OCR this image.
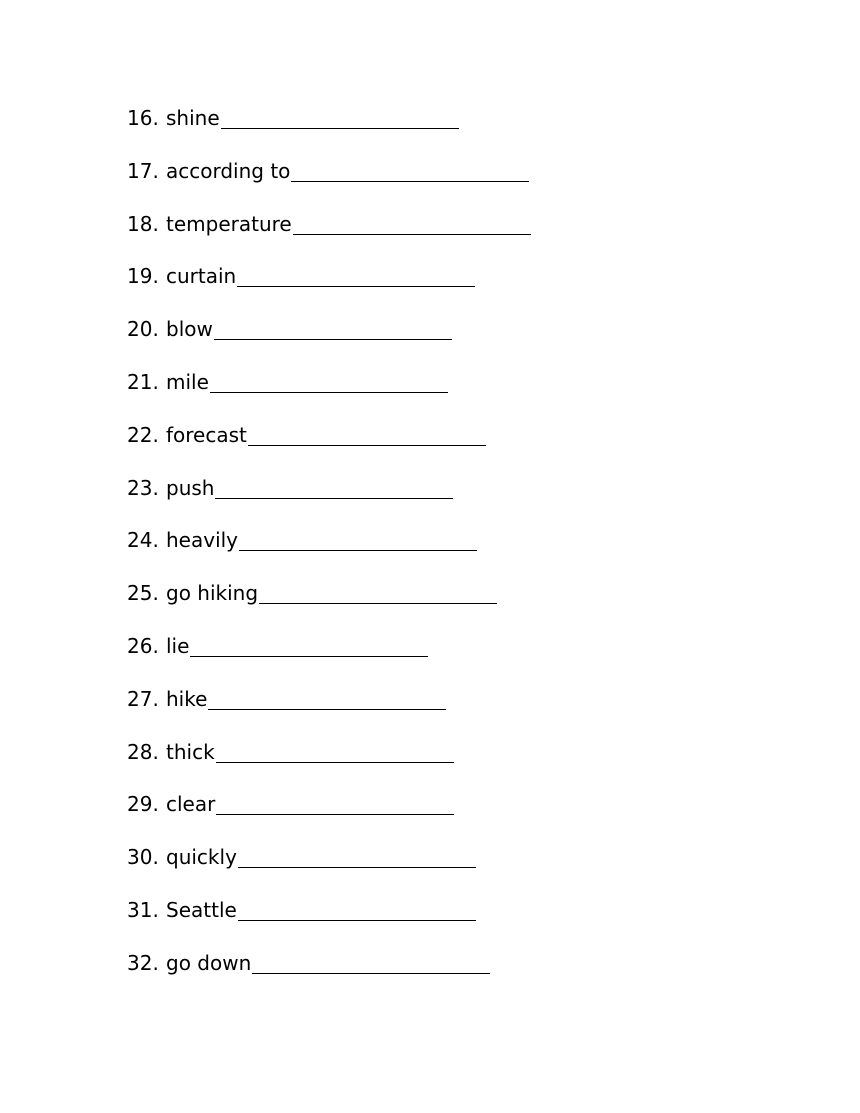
16. shine
17. according to
18. temperature
19. curtain
20. blow
21. mile
22. forecast
23. push
24. heavily
25. go hiking
26. lie
27. hike
28. thick
29. clear
30. quickly
31. Seattle
32. go down
